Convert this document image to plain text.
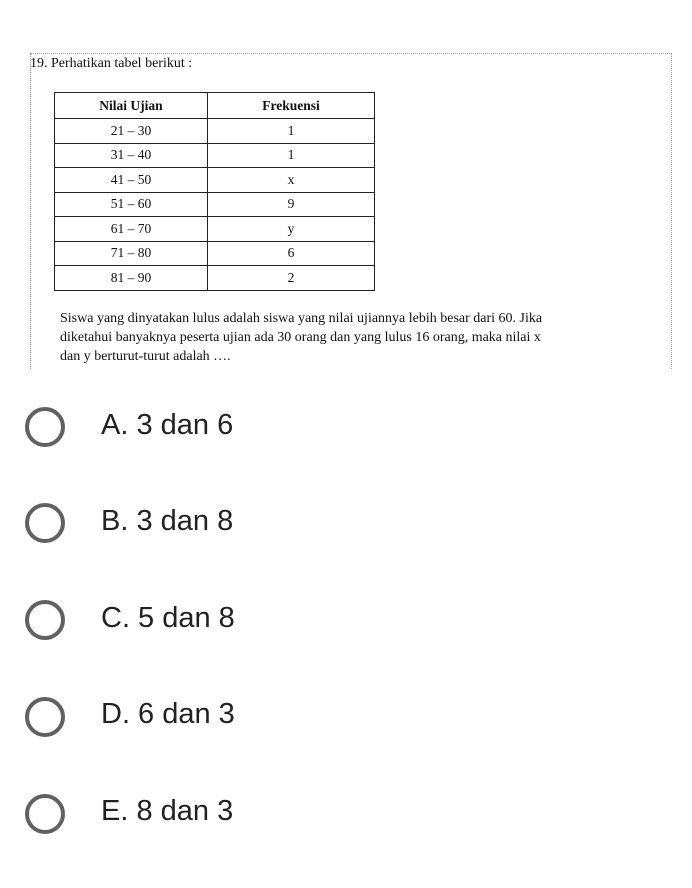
19. Perhatikan tabel berikut :
Nilai Ujian	Frekuensi
21 – 30	1
31 – 40	1
41 – 50	x
51 – 60	9
61 – 70	y
71 – 80	6
81 – 90	2
Siswa yang dinyatakan lulus adalah siswa yang nilai ujiannya lebih besar dari 60. Jika
diketahui banyaknya peserta ujian ada 30 orang dan yang lulus 16 orang, maka nilai x
dan y berturut-turut adalah ….
A. 3 dan 6
B. 3 dan 8
C. 5 dan 8
D. 6 dan 3
E. 8 dan 3
